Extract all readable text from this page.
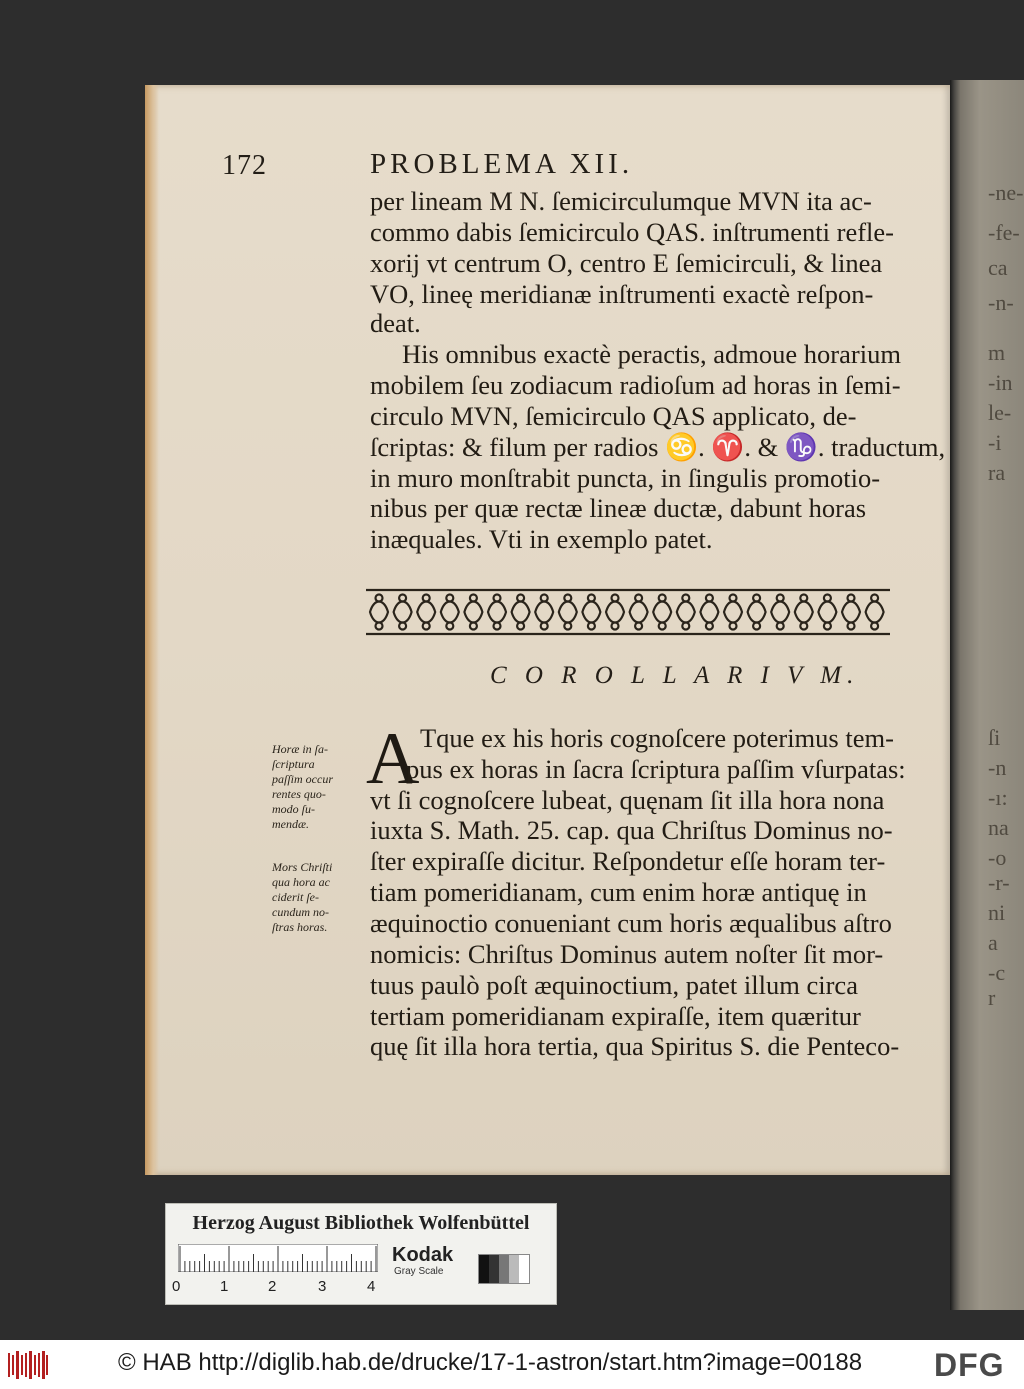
-ne-
-fe-
ca
-n-
m
-in
le-
-i
ra
ſi
-n
-ı:
na
-o
-r-
ni
a
-c
r
172	PROBLEMA XII.
per lineam M N. ſemicirculumque MVN ita ac-
commo dabis ſemicirculo QAS. inſtrumenti refle-
xorij vt centrum O, centro E ſemicirculi, & linea
VO, lineę meridianæ inſtrumenti exactè reſpon-
deat.
His omnibus exactè peractis, admoue horarium
mobilem ſeu zodiacum radioſum ad horas in ſemi-
circulo MVN, ſemicirculo QAS applicato, de-
ſcriptas: & filum per radios ♋. ♈. & ♑. traductum,
in muro monſtrabit puncta, in ſingulis promotio-
nibus per quæ rectæ lineæ ductæ, dabunt horas
inæquales. Vti in exemplo patet.
C O R O L L A R I V M.
A Tque ex his horis cognoſcere poterimus tem-
pus ex horas in ſacra ſcriptura paſſim vſurpatas:
vt ſi cognoſcere lubeat, quęnam ſit illa hora nona
iuxta S. Math. 25. cap. qua Chriſtus Dominus no-
ſter expiraſſe dicitur. Reſpondetur eſſe horam ter-
tiam pomeridianam, cum enim horæ antiquę in
æquinoctio conueniant cum horis æqualibus aſtro
nomicis: Chriſtus Dominus autem noſter ſit mor-
tuus paulò poſt æquinoctium, patet illum circa
tertiam pomeridianam expiraſſe, item quæritur
quę ſit illa hora tertia, qua Spiritus S. die Penteco-
Horæ in ſa-
ſcriptura
paſſim occur
rentes quo-
modo ſu-
mendæ.
Mors Chriſti
qua hora ac
ciderit ſe-
cundum no-
ſtras horas.
Herzog August Bibliothek Wolfenbüttel
0	1	2	3	4
Kodak
Gray Scale
© HAB http://diglib.hab.de/drucke/17-1-astron/start.htm?image=00188 DFG
